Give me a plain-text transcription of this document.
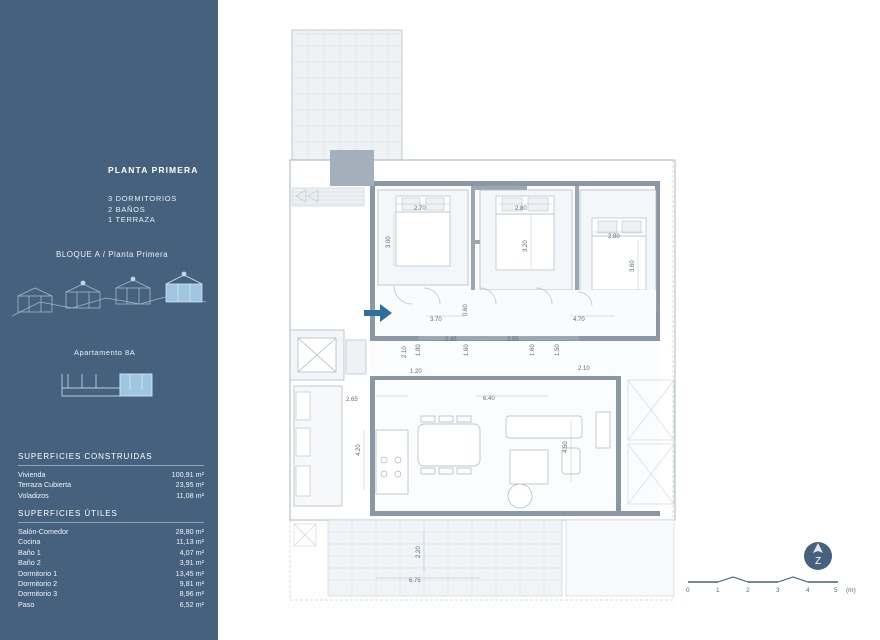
PLANTA PRIMERA
3 DORMITORIOS
2 BAÑOS
1 TERRAZA
BLOQUE A / Planta Primera
Apartamento 8A
SUPERFICIES CONSTRUIDAS
Vivienda	100,91 m²
Terraza Cubierta	23,95 m²
Voladizos	11,08 m²
SUPERFICIES ÚTILES
Salón-Comedor	28,80 m²
Cocina	11,13 m²
Baño 1	4,07 m²
Baño 2	3,91 m²
Dormitorio 1	13,45 m²
Dormitorio 2	9,81 m²
Dormitorio 3	8,96 m²
Paso	6,52 m²
2.70	2.80
2.80
3.00	3.20
3.60
3.70
0.60
4.70
2.45	2.55
1.60	1.60	1.50
2.10
2.10 1.80
1.20
2.65	6.40
4.20	4.50
2.20
6.75
0	1	2	3	4	5 (m)
Z
